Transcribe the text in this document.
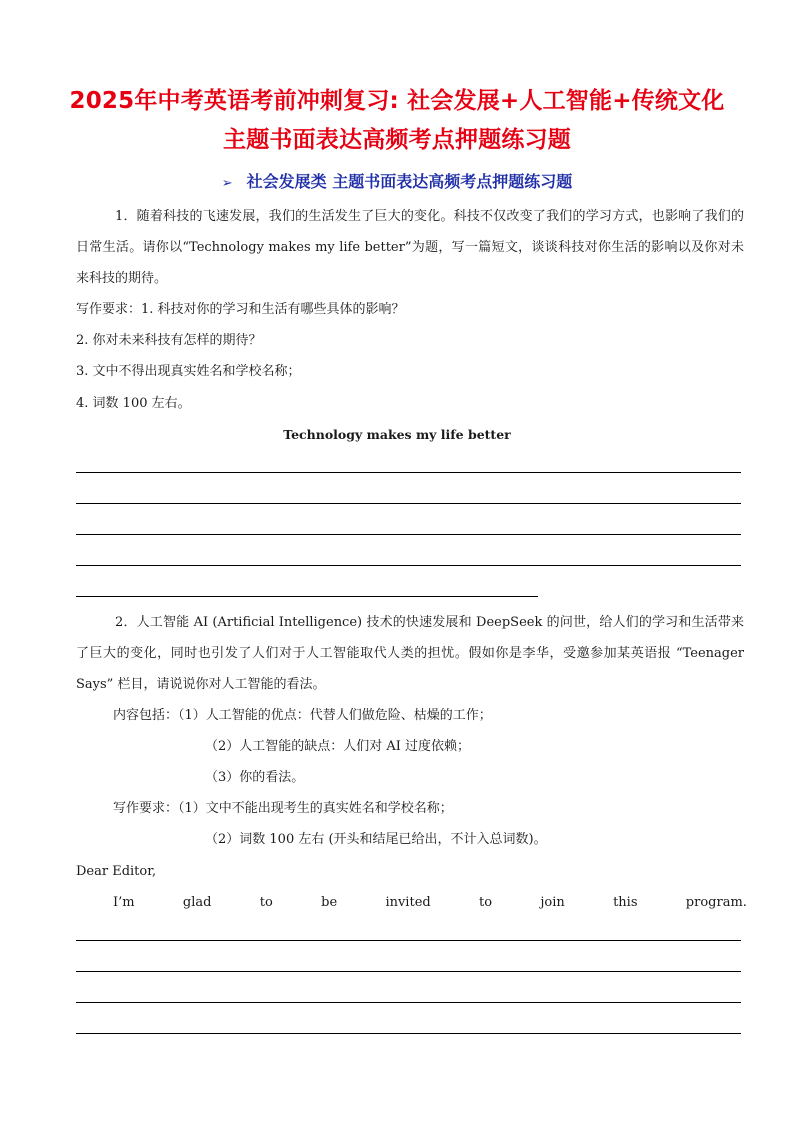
2025年中考英语考前冲刺复习: 社会发展+人工智能+传统文化
主题书面表达高频考点押题练习题
➢ 社会发展类 主题书面表达高频考点押题练习题
1．随着科技的飞速发展，我们的生活发生了巨大的变化。科技不仅改变了我们的学习方式，也影响了我们的日常生活。请你以“Technology makes my life better”为题，写一篇短文，谈谈科技对你生活的影响以及你对未来科技的期待。
写作要求：1. 科技对你的学习和生活有哪些具体的影响？
2. 你对未来科技有怎样的期待？
3. 文中不得出现真实姓名和学校名称；
4. 词数 100 左右。
Technology makes my life better
2．人工智能 AI (Artificial Intelligence) 技术的快速发展和 DeepSeek 的问世，给人们的学习和生活带来了巨大的变化，同时也引发了人们对于人工智能取代人类的担忧。假如你是李华，受邀参加某英语报 “Teenager Says” 栏目，请说说你对人工智能的看法。
内容包括：（1）人工智能的优点：代替人们做危险、枯燥的工作；
（2）人工智能的缺点：人们对 AI 过度依赖；
（3）你的看法。
写作要求：（1）文中不能出现考生的真实姓名和学校名称；
（2）词数 100 左右 (开头和结尾已给出，不计入总词数)。
Dear Editor,
I’m	glad	to	be	invited	to	join	this	program.
